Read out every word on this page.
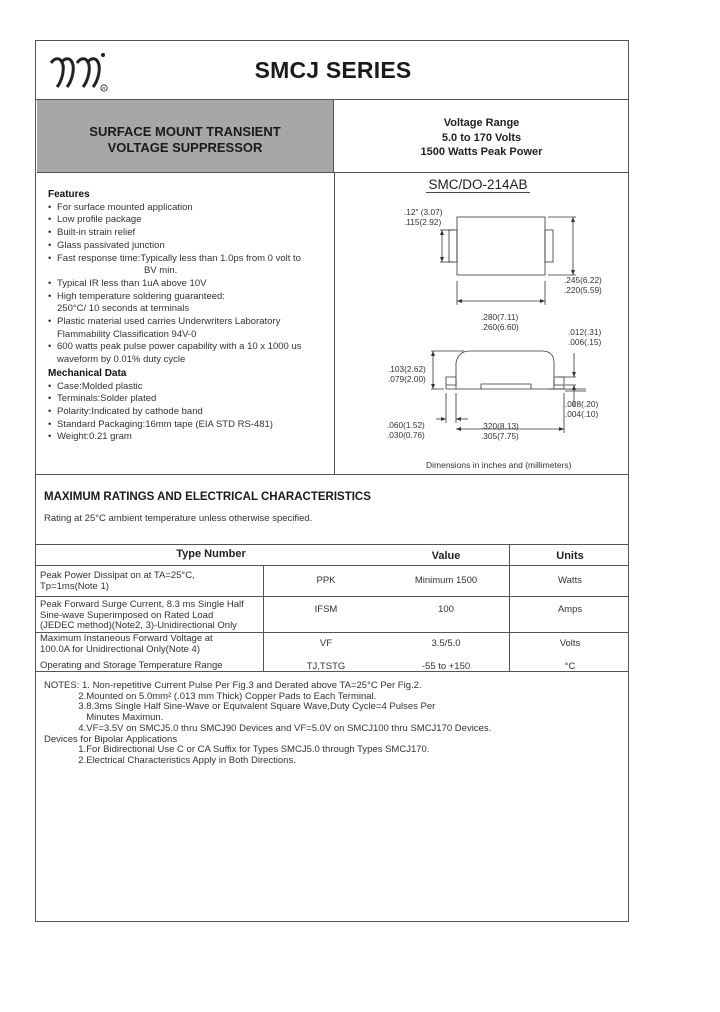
R
SMCJ SERIES
SURFACE MOUNT TRANSIENT
VOLTAGE SUPPRESSOR
Voltage Range
5.0 to 170 Volts
1500 Watts Peak Power
Features
• For surface mounted application
• Low profile package
• Built-in strain relief
• Glass passivated junction
• Fast response time:Typically less than 1.0ps from 0 volt to
BV min.
• Typical IR less than 1uA above 10V
• High temperature soldering guaranteed:
250°C/ 10 seconds at terminals
• Plastic material used carries Underwriters Laboratory
Flammability Classification 94V-0
• 600 watts peak pulse power capability with a 10 x 1000 us
waveform by 0.01% duty cycle
Mechanical Data
• Case:Molded plastic
• Terminals:Solder plated
• Polarity:Indicated by cathode band
• Standard Packaging:16mm tape (EIA STD RS-481)
• Weight:0.21 gram
SMC/DO-214AB
.12" (3.07)
.115(2.92)
.245(6.22)
.220(5.59)
.280(7.11)
.260(6.60)	.012(.31)
.006(.15)
.103(2.62)
.079(2.00)
.008(.20)
.004(.10)
.060(1.52)
.030(0.76)
.320(8.13)
.305(7.75)
Dimensions in inches and (millimeters)
MAXIMUM RATINGS AND ELECTRICAL CHARACTERISTICS
Rating at 25°C ambient temperature unless otherwise specified.
Type Number	Value	Units
Peak Power Dissipat on at TA=25°C,
Tp=1ms(Note 1)	PPK	Minimum 1500	Watts
Peak Forward Surge Current, 8.3 ms Single Half
Sine-wave Superimposed on Rated Load
(JEDEC method)(Note2, 3)-Unidirectional Only
IFSM	100	Amps
Maximum Instaneous Forward Voltage at
100.0A for Unidirectional Only(Note 4)	VF	3.5/5.0	Volts
Operating and Storage Temperature Range	TJ,TSTG	-55 to +150	°C
NOTES: 1. Non-repetitive Current Pulse Per Fig.3 and Derated above TA=25°C Per Fig.2.
2.Mounted on 5.0mm² (.013 mm Thick) Copper Pads to Each Terminal.
3.8.3ms Single Half Sine-Wave or Equivalent Square Wave,Duty Cycle=4 Pulses Per
Minutes Maximun.
4.VF=3.5V on SMCJ5.0 thru SMCJ90 Devices and VF=5.0V on SMCJ100 thru SMCJ170 Devices.
Devices for Bipolar Applications
1.For Bidirectional Use C or CA Suffix for Types SMCJ5.0 through Types SMCJ170.
2.Electrical Characteristics Apply in Both Directions.
